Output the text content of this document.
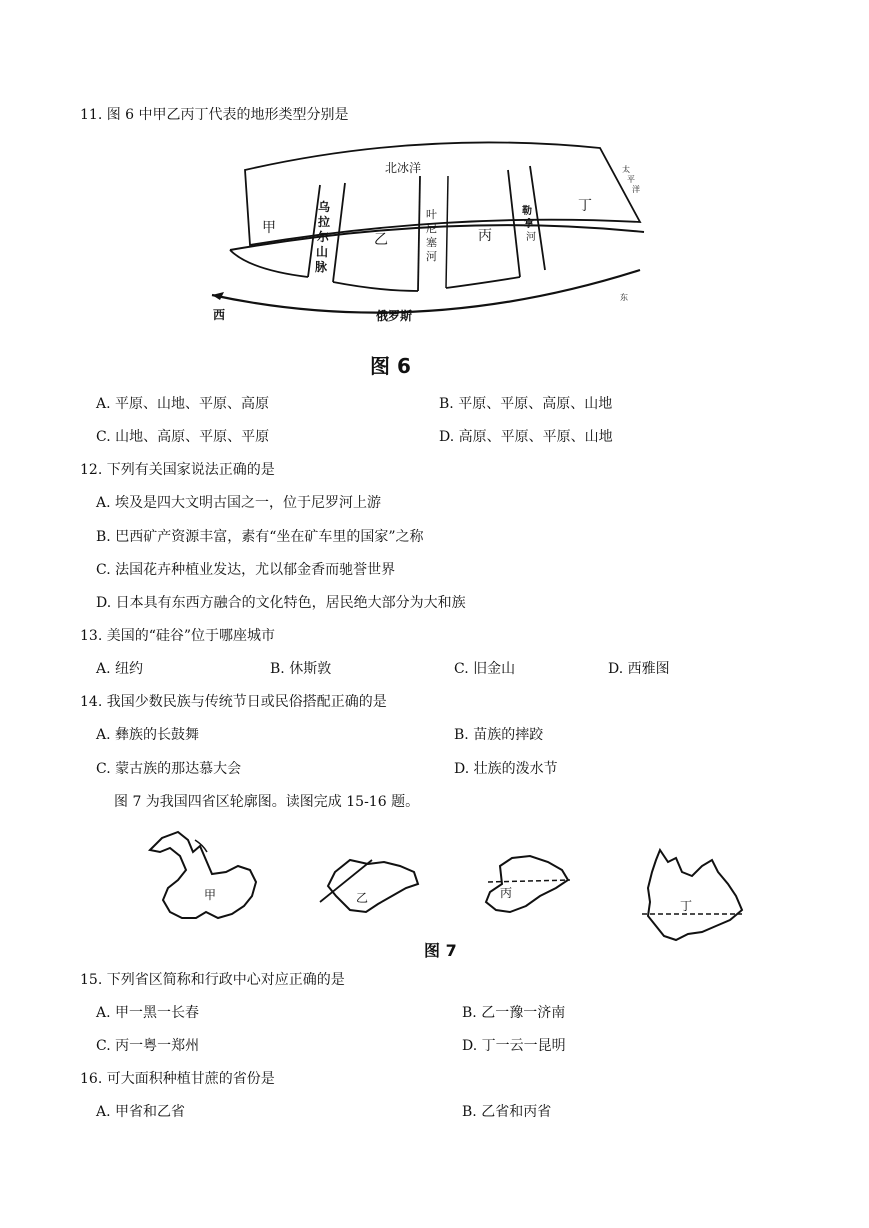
11. 图 6 中甲乙丙丁代表的地形类型分别是
北冰洋
甲
乙	丙
丁
乌
拉
尔
山
脉
叶
尼
塞
河
勒
拿
河
太
平
洋
西	俄罗斯
东
图 6
A. 平原、山地、平原、高原	B. 平原、平原、高原、山地
C. 山地、高原、平原、平原	D. 高原、平原、平原、山地
12. 下列有关国家说法正确的是
A. 埃及是四大文明古国之一，位于尼罗河上游
B. 巴西矿产资源丰富，素有“坐在矿车里的国家”之称
C. 法国花卉种植业发达，尤以郁金香而驰誉世界
D. 日本具有东西方融合的文化特色，居民绝大部分为大和族
13. 美国的“硅谷”位于哪座城市
A. 纽约	B. 休斯敦	C. 旧金山	D. 西雅图
14. 我国少数民族与传统节日或民俗搭配正确的是
A. 彝族的长鼓舞	B. 苗族的摔跤
C. 蒙古族的那达慕大会	D. 壮族的泼水节
图 7 为我国四省区轮廓图。读图完成 15-16 题。
甲	乙	丙
丁
图 7
15. 下列省区简称和行政中心对应正确的是
A. 甲一黑一长春	B. 乙一豫一济南
C. 丙一粤一郑州	D. 丁一云一昆明
16. 可大面积种植甘蔗的省份是
A. 甲省和乙省	B. 乙省和丙省
